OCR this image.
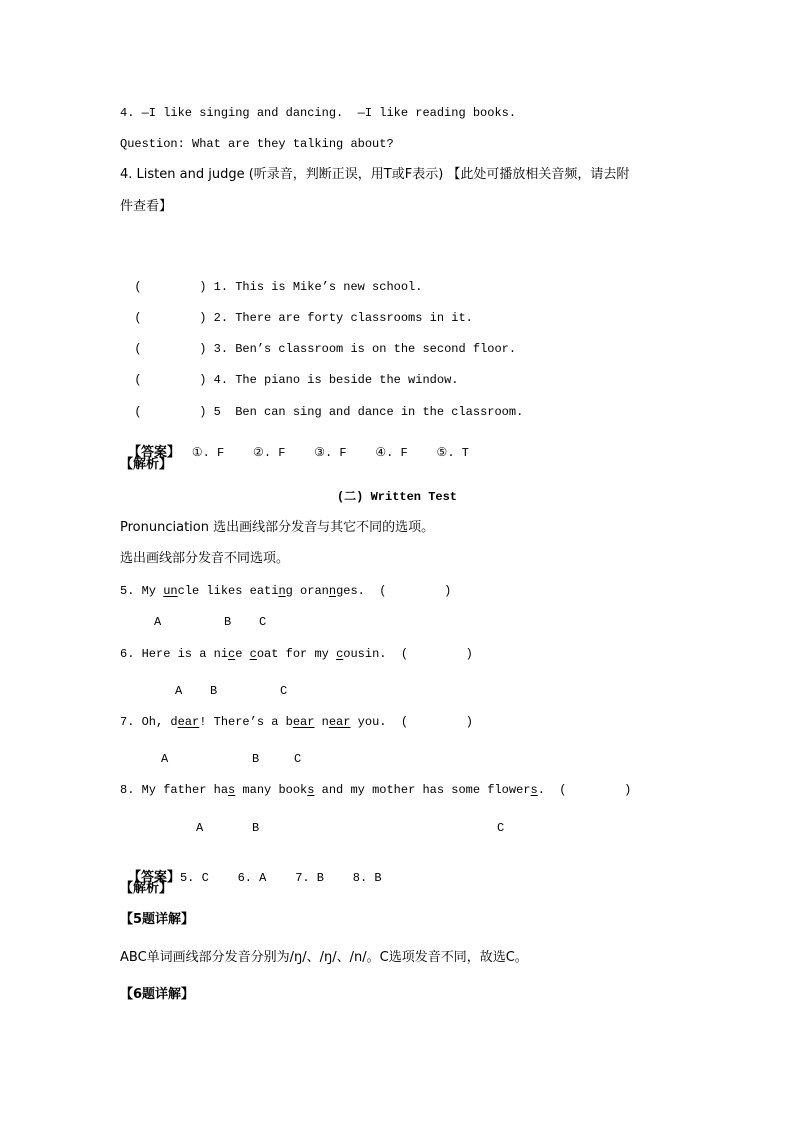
4. —I like singing and dancing.  —I like reading books.
Question: What are they talking about?
4. Listen and judge (听录音，判断正误，用T或F表示) 【此处可播放相关音频，请去附
件查看】

(        ) 1. This is Mike’s new school.

(        ) 2. There are forty classrooms in it.

(        ) 3. Ben’s classroom is on the second floor.

(        ) 4. The piano is beside the window.

(        ) 5  Ben can sing and dance in the classroom.

【答案】 ①. F    ②. F    ③. F    ④. F    ⑤. T

【解析】
(二) Written Test
Pronunciation 选出画线部分发音与其它不同的选项。
选出画线部分发音不同选项。
5. My uncle likes eating orannges.  (        )
A	B C
6. Here is a nice coat for my cousin.  (        )
A B	C
7. Oh, dear! There’s a bear near you.  (        )
A	B	C
8. My father has many books and my mother has some flowers.  (        )
A	B	C

【答案】5. C    6. A    7. B    8. B

【解析】
【5题详解】
ABC单词画线部分发音分别为/ŋ/、/ŋ/、/n/。C选项发音不同，故选C。
【6题详解】
